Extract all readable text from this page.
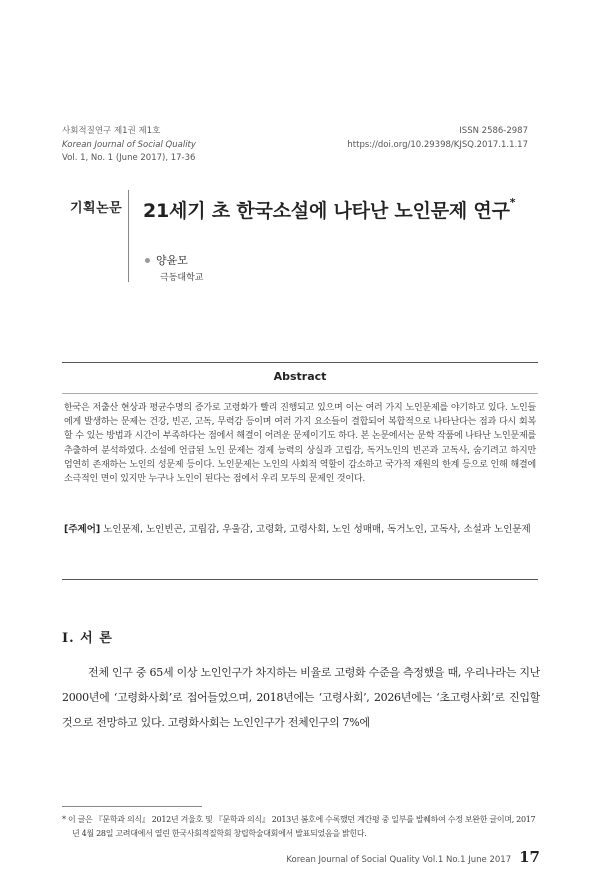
사회적질연구 제1권 제1호
Korean Journal of Social Quality
Vol. 1, No. 1 (June 2017), 17-36
ISSN 2586-2987
https://doi.org/10.29398/KJSQ.2017.1.1.17
기획논문 21세기 초 한국소설에 나타난 노인문제 연구*
양윤모
극동대학교
Abstract
한국은 저출산 현상과 평균수명의 증가로 고령화가 빨리 진행되고 있으며 이는 여러 가지 노인문제를 야기하고 있다. 노인들에게 발생하는 문제는 건강, 빈곤, 고독, 무력감 등이며 여러 가지 요소들이 결합되어 복합적으로 나타난다는 점과 다시 회복할 수 있는 방법과 시간이 부족하다는 점에서 해결이 어려운 문제이기도 하다. 본 논문에서는 문학 작품에 나타난 노인문제를 추출하여 분석하였다. 소설에 언급된 노인 문제는 경제 능력의 상실과 고립감, 독거노인의 빈곤과 고독사, 숨기려고 하지만 엄연히 존재하는 노인의 성문제 등이다. 노인문제는 노인의 사회적 역할이 감소하고 국가적 재원의 한계 등으로 인해 해결에 소극적인 면이 있지만 누구나 노인이 된다는 점에서 우리 모두의 문제인 것이다.
[주제어] 노인문제, 노인빈곤, 고립감, 우울감, 고령화, 고령사회, 노인 성매매, 독거노인, 고독사, 소설과 노인문제
Ⅰ. 서 론

전체 인구 중 65세 이상 노인인구가 차지하는 비율로 고령화 수준을 측정했을 때, 우리나라는 지난 2000년에 ‘고령화사회’로 접어들었으며, 2018년에는 ‘고령사회’, 2026년에는 ‘초고령사회’로 진입할 것으로 전망하고 있다. 고령화사회는 노인인구가 전체인구의 7%에

* 이 글은 『문학과 의식』 2012년 겨울호 및 『문학과 의식』 2013년 봄호에 수록했던 계간평 중 일부를 발췌하여 수정 보완한 글이며, 2017년 4월 28일 고려대에서 열린 한국사회적질학회 창립학술대회에서 발표되었음을 밝힌다.
Korean Journal of Social Quality Vol.1 No.1 June 2017 17
